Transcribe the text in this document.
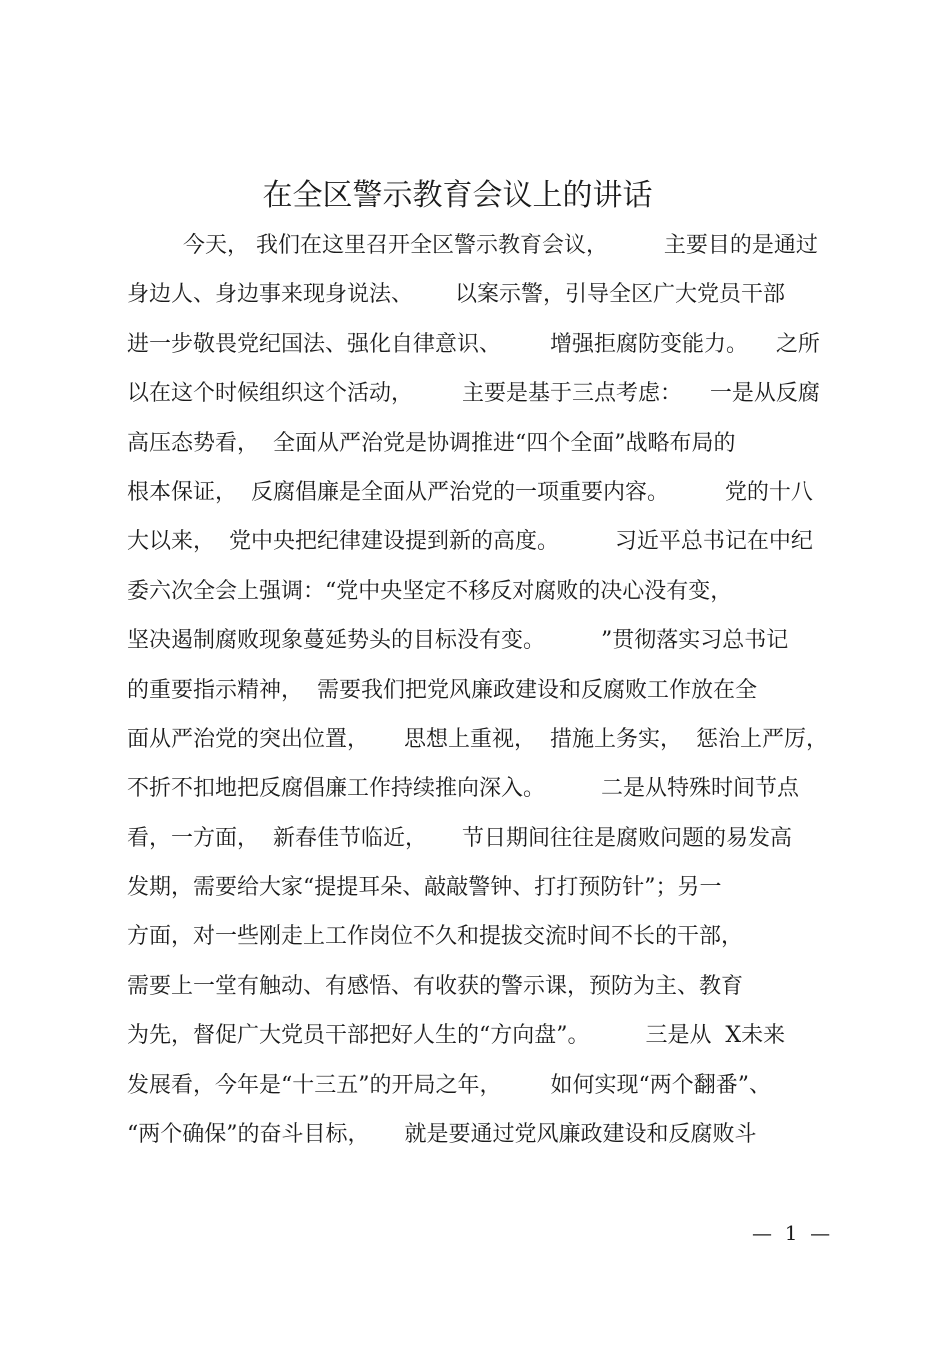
在全区警示教育会议上的讲话
今天， 我们在这里召开全区警示教育会议，        主要目的是通过
身边人、身边事来现身说法、      以案示警，引导全区广大党员干部
进一步敬畏党纪国法、强化自律意识、       增强拒腐防变能力。    之所
以在这个时候组织这个活动，       主要是基于三点考虑：    一是从反腐
高压态势看，  全面从严治党是协调推进“四个全面”战略布局的
根本保证，  反腐倡廉是全面从严治党的一项重要内容。        党的十八
大以来，  党中央把纪律建设提到新的高度。        习近平总书记在中纪
委六次全会上强调：“党中央坚定不移反对腐败的决心没有变，
坚决遏制腐败现象蔓延势头的目标没有变。        ”贯彻落实习总书记
的重要指示精神，  需要我们把党风廉政建设和反腐败工作放在全
面从严治党的突出位置，     思想上重视，  措施上务实，  惩治上严厉，
不折不扣地把反腐倡廉工作持续推向深入。        二是从特殊时间节点
看，一方面，  新春佳节临近，     节日期间往往是腐败问题的易发高
发期，需要给大家“提提耳朵、敲敲警钟、打打预防针”；另一
方面，对一些刚走上工作岗位不久和提拔交流时间不长的干部，
需要上一堂有触动、有感悟、有收获的警示课，预防为主、教育
为先，督促广大党员干部把好人生的“方向盘”。        三是从  X未来
发展看，今年是“十三五”的开局之年，       如何实现“两个翻番”、
“两个确保”的奋斗目标，     就是要通过党风廉政建设和反腐败斗
—  1  —
